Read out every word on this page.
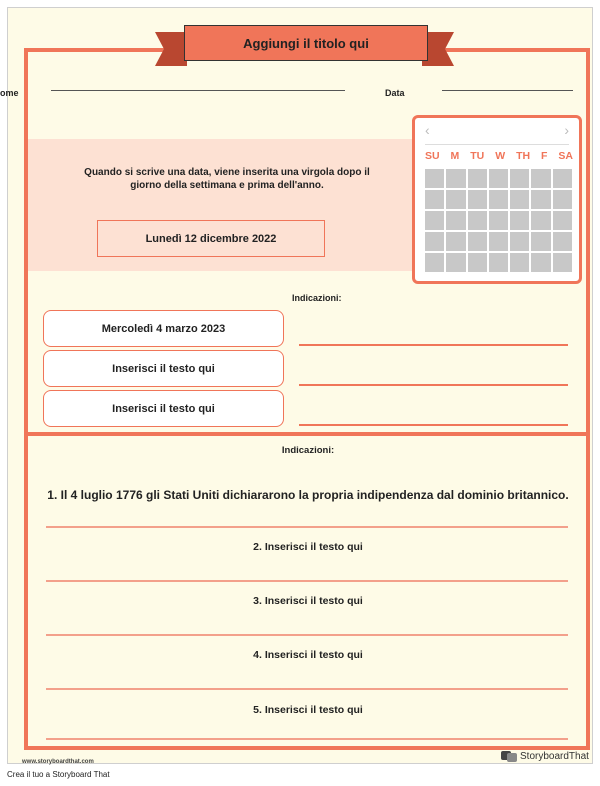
Aggiungi il titolo qui
ome	Data
Quando si scrive una data, viene inserita una virgola dopo il giorno della settimana e prima dell'anno.
Lunedì 12 dicembre 2022
‹	›
SU M TU W TH F SA
Indicazioni:
Mercoledì 4 marzo 2023
Inserisci il testo qui
Inserisci il testo qui
Indicazioni:
1. Il 4 luglio 1776 gli Stati Uniti dichiararono la propria indipendenza dal dominio britannico.
2. Inserisci il testo qui
3. Inserisci il testo qui
4. Inserisci il testo qui
5. Inserisci il testo qui
www.storyboardthat.com	StoryboardThat
Crea il tuo a Storyboard That
